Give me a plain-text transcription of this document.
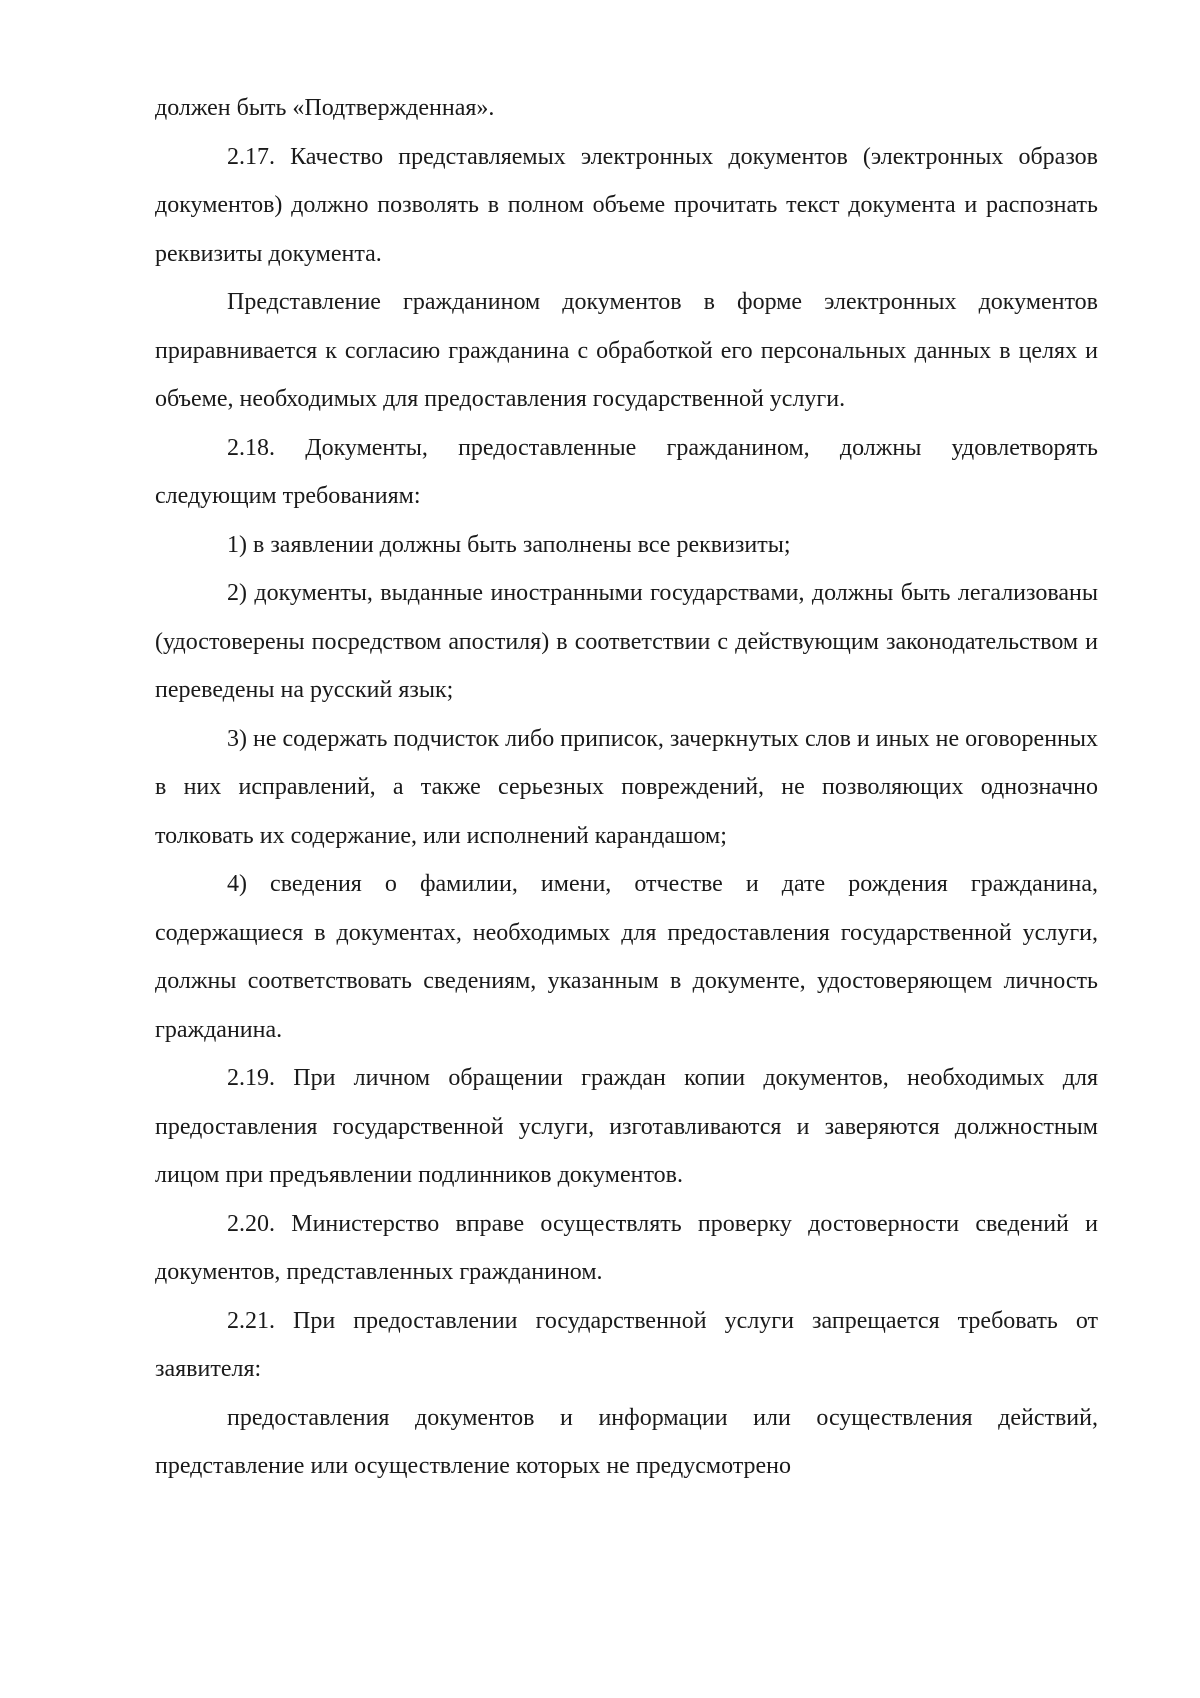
должен быть «Подтвержденная».

2.17. Качество представляемых электронных документов (электронных образов документов) должно позволять в полном объеме прочитать текст документа и распознать реквизиты документа.

Представление гражданином документов в форме электронных документов приравнивается к согласию гражданина с обработкой его персональных данных в целях и объеме, необходимых для предоставления государственной услуги.

2.18. Документы, предоставленные гражданином, должны удовлетворять следующим требованиям:

1) в заявлении должны быть заполнены все реквизиты;

2) документы, выданные иностранными государствами, должны быть легализованы (удостоверены посредством апостиля) в соответствии с действующим законодательством и переведены на русский язык;

3) не содержать подчисток либо приписок, зачеркнутых слов и иных не оговоренных в них исправлений, а также серьезных повреждений, не позволяющих однозначно толковать их содержание, или исполнений карандашом;

4) сведения о фамилии, имени, отчестве и дате рождения гражданина, содержащиеся в документах, необходимых для предоставления государственной услуги, должны соответствовать сведениям, указанным в документе, удостоверяющем личность гражданина.

2.19. При личном обращении граждан копии документов, необходимых для предоставления государственной услуги, изготавливаются и заверяются должностным лицом при предъявлении подлинников документов.

2.20. Министерство вправе осуществлять проверку достоверности сведений и документов, представленных гражданином.

2.21. При предоставлении государственной услуги запрещается требовать от заявителя:

предоставления документов и информации или осуществления действий, представление или осуществление которых не предусмотрено
